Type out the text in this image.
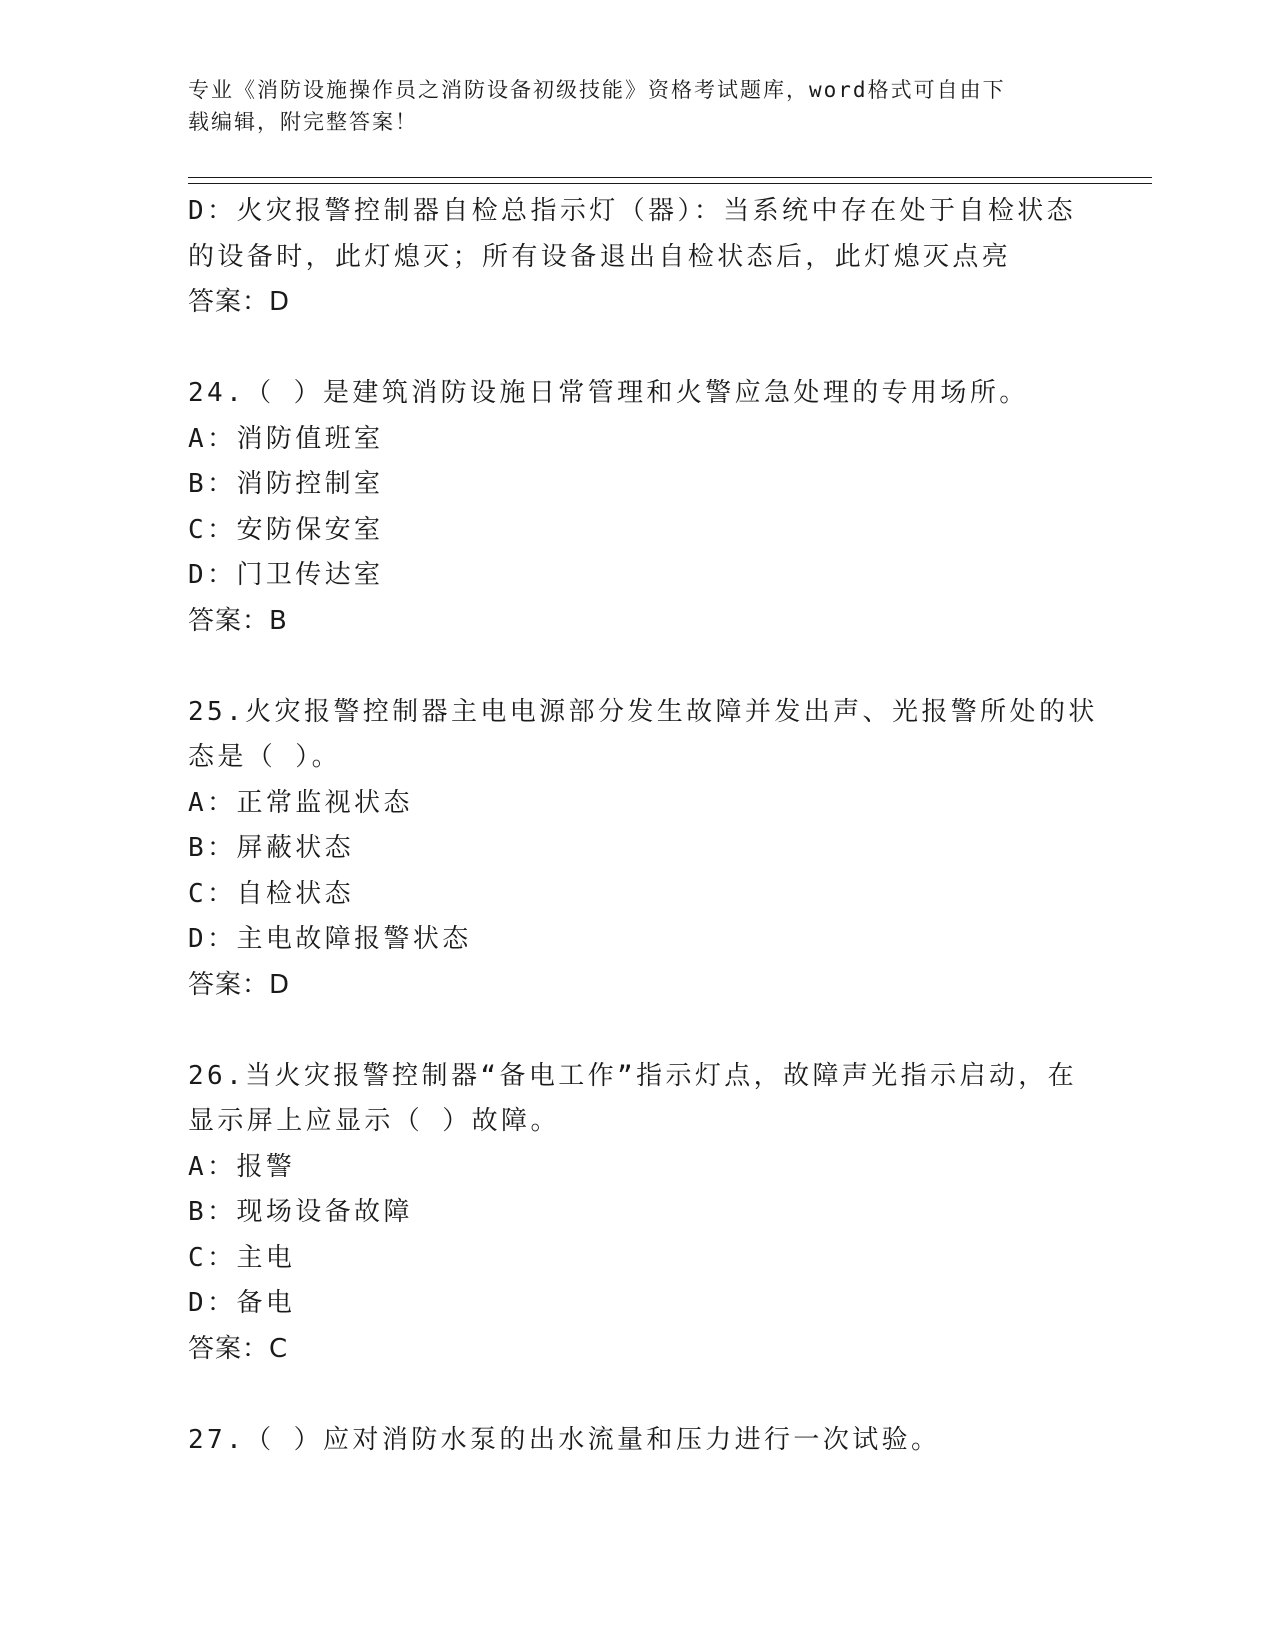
专业《消防设施操作员之消防设备初级技能》资格考试题库，word格式可自由下
载编辑，附完整答案！
D：火灾报警控制器自检总指示灯（器）：当系统中存在处于自检状态
的设备时，此灯熄灭；所有设备退出自检状态后，此灯熄灭点亮
答案：D
24.（ ）是建筑消防设施日常管理和火警应急处理的专用场所。
A：消防值班室
B：消防控制室
C：安防保安室
D：门卫传达室
答案：B
25.火灾报警控制器主电电源部分发生故障并发出声、光报警所处的状
态是（ ）。
A：正常监视状态
B：屏蔽状态
C：自检状态
D：主电故障报警状态
答案：D
26.当火灾报警控制器“备电工作”指示灯点，故障声光指示启动，在
显示屏上应显示（ ）故障。
A：报警
B：现场设备故障
C：主电
D：备电
答案：C
27.（ ）应对消防水泵的出水流量和压力进行一次试验。
